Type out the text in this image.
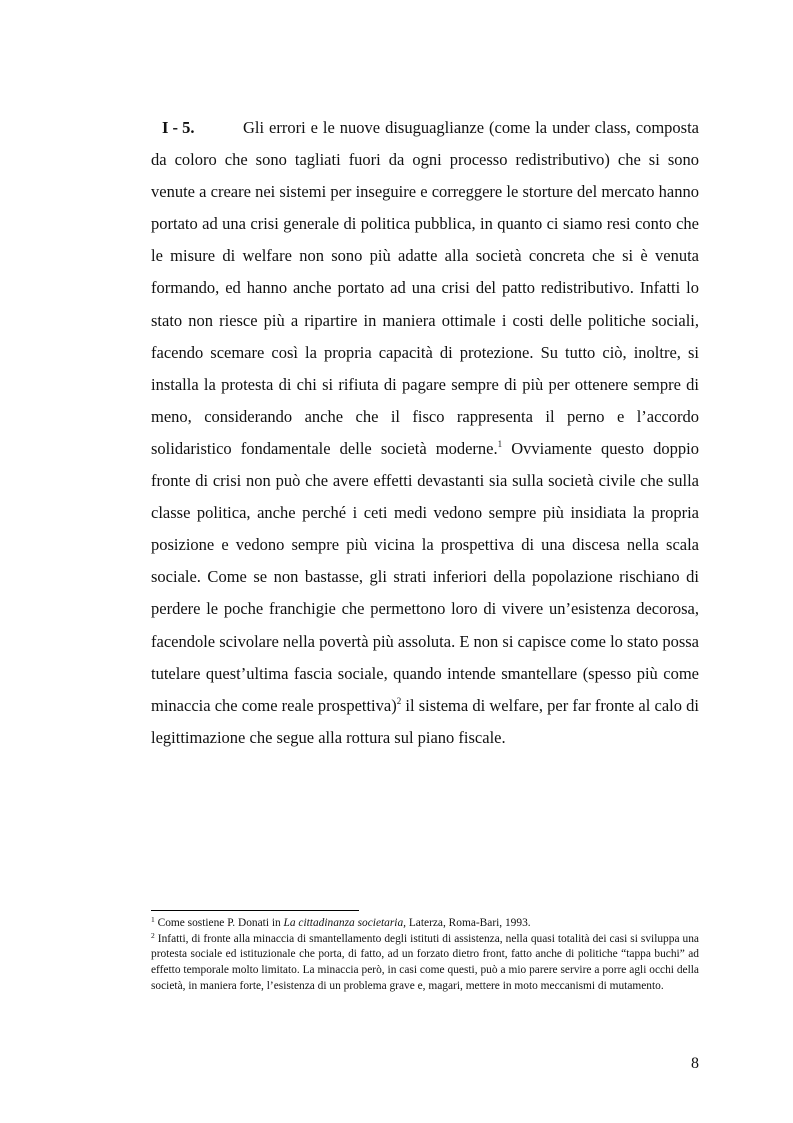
I - 5.	Gli errori e le nuove disuguaglianze (come la under class, composta da coloro che sono tagliati fuori da ogni processo redistributivo) che si sono venute a creare nei sistemi per inseguire e correggere le storture del mercato hanno portato ad una crisi generale di politica pubblica, in quanto ci siamo resi conto che le misure di welfare non sono più adatte alla società concreta che si è venuta formando, ed hanno anche portato ad una crisi del patto redistributivo. Infatti lo stato non riesce più a ripartire in maniera ottimale i costi delle politiche sociali, facendo scemare così la propria capacità di protezione. Su tutto ciò, inoltre, si installa la protesta di chi si rifiuta di pagare sempre di più per ottenere sempre di meno, considerando anche che il fisco rappresenta il perno e l’accordo solidaristico fondamentale delle società moderne.$^1$ Ovviamente questo doppio fronte di crisi non può che avere effetti devastanti sia sulla società civile che sulla classe politica, anche perché i ceti medi vedono sempre più insidiata la propria posizione e vedono sempre più vicina la prospettiva di una discesa nella scala sociale. Come se non bastasse, gli strati inferiori della popolazione rischiano di perdere le poche franchigie che permettono loro di vivere un’esistenza decorosa, facendole scivolare nella povertà più assoluta. E non si capisce come lo stato possa tutelare quest’ultima fascia sociale, quando intende smantellare (spesso più come minaccia che come reale prospettiva)$^2$ il sistema di welfare, per far fronte al calo di legittimazione che segue alla rottura sul piano fiscale.

$^1$ Come sostiene P. Donati in La cittadinanza societaria, Laterza, Roma-Bari, 1993.

$^2$ Infatti, di fronte alla minaccia di smantellamento degli istituti di assistenza, nella quasi totalità dei casi si sviluppa una protesta sociale ed istituzionale che porta, di fatto, ad un forzato dietro front, fatto anche di politiche “tappa buchi” ad effetto temporale molto limitato. La minaccia però, in casi come questi, può a mio parere servire a porre agli occhi della società, in maniera forte, l’esistenza di un problema grave e, magari, mettere in moto meccanismi di mutamento.

8
